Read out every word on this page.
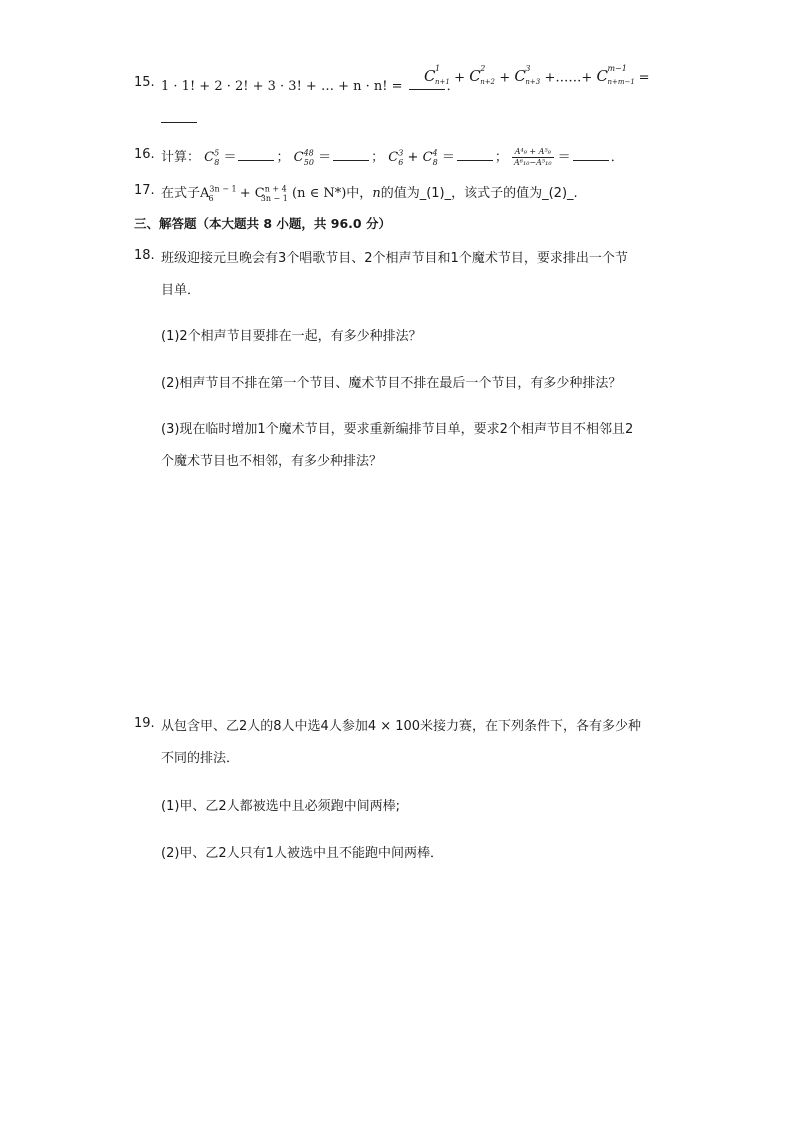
15. 1 · 1! + 2 · 2! + 3 · 3! + … + n · n! =	．
C 1
n+1 + C 2
n+2 + C 3
n+3 +……+ C m−1
n+m−1 =
16. 计算： $C^5_8$ ＝	； $C^{48}_{50}$ ＝	； $C^3_6 + C^4_8$ ＝	； $\frac{\text{A⁴₉ + A⁵₉}}{\text{A⁶₁₀−A⁵₁₀}}$ ＝	．
17. 在式子$A^{3n - 1}_6 + C^{n + 4}_{3n - 1}$ (n ∈ N*)中，n的值为_(1)_，该式子的值为_(2)_.
三、解答题（本大题共 8 小题，共 96.0 分）
18. 班级迎接元旦晚会有3个唱歌节目、2个相声节目和1个魔术节目，要求排出一个节
目单．
(1)2个相声节目要排在一起，有多少种排法？
(2)相声节目不排在第一个节目、魔术节目不排在最后一个节目，有多少种排法？
(3)现在临时增加1个魔术节目，要求重新编排节目单，要求2个相声节目不相邻且2
个魔术节目也不相邻，有多少种排法？
19. 从包含甲、乙2人的8人中选4人参加4 × 100米接力赛，在下列条件下，各有多少种
不同的排法．
(1)甲、乙2人都被选中且必须跑中间两棒;
(2)甲、乙2人只有1人被选中且不能跑中间两棒．
